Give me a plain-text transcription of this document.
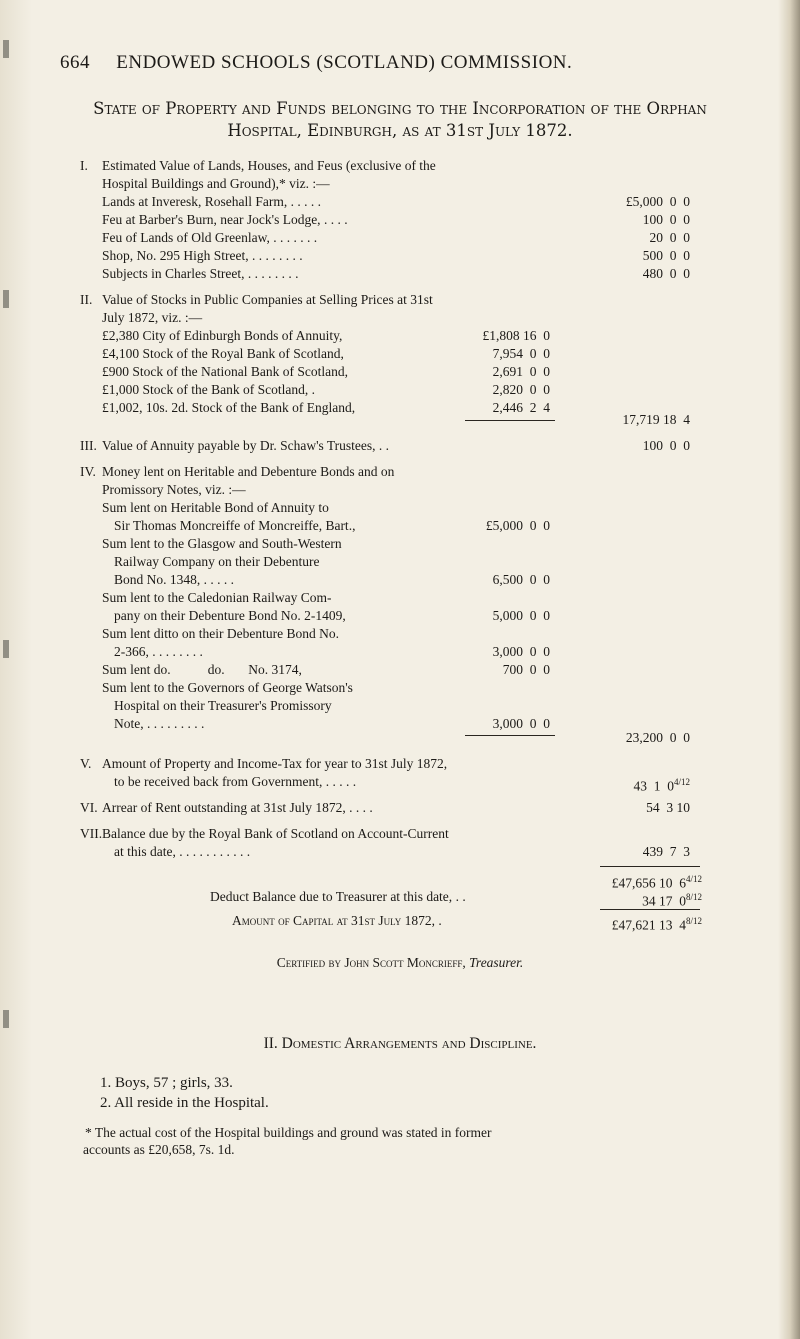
664 ENDOWED SCHOOLS (SCOTLAND) COMMISSION.
State of Property and Funds belonging to the Incorporation of the Orphan
Hospital, Edinburgh, as at 31st July 1872.
I. Estimated Value of Lands, Houses, and Feus (exclusive of the
Hospital Buildings and Ground),* viz. :—
Lands at Inveresk, Rosehall Farm, . . . . .	£5,000  0  0
Feu at Barber's Burn, near Jock's Lodge, . . . .	100  0  0
Feu of Lands of Old Greenlaw, . . . . . . .	20  0  0
Shop, No. 295 High Street, . . . . . . . .	500  0  0
Subjects in Charles Street, . . . . . . . .	480  0  0
II. Value of Stocks in Public Companies at Selling Prices at 31st
July 1872, viz. :—
£2,380 City of Edinburgh Bonds of Annuity,	£1,808 16  0
£4,100 Stock of the Royal Bank of Scotland,	7,954  0  0
£900 Stock of the National Bank of Scotland,	2,691  0  0
£1,000 Stock of the Bank of Scotland, .	2,820  0  0
£1,002, 10s. 2d. Stock of the Bank of England,	2,446  2  4
17,719 18  4
III. Value of Annuity payable by Dr. Schaw's Trustees, . .	100  0  0
IV. Money lent on Heritable and Debenture Bonds and on
Promissory Notes, viz. :—
Sum lent on Heritable Bond of Annuity to
Sir Thomas Moncreiffe of Moncreiffe, Bart.,	£5,000  0  0
Sum lent to the Glasgow and South-Western
Railway Company on their Debenture
Bond No. 1348, . . . . .	6,500  0  0
Sum lent to the Caledonian Railway Com-
pany on their Debenture Bond No. 2-1409,	5,000  0  0
Sum lent ditto on their Debenture Bond No.
2-366, . . . . . . . .	3,000  0  0
Sum lent do.           do.       No. 3174,	700  0  0
Sum lent to the Governors of George Watson's
Hospital on their Treasurer's Promissory
Note, . . . . . . . . .	3,000  0  0
23,200  0  0
V. Amount of Property and Income-Tax for year to 31st July 1872,
to be received back from Government, . . . . .	43  1  $0^{4/12}$
VI. Arrear of Rent outstanding at 31st July 1872, . . . .	54  3 10
VII. Balance due by the Royal Bank of Scotland on Account-Current
at this date, . . . . . . . . . . .	439  7  3
£47,656 10  $6^{4/12}$
Deduct Balance due to Treasurer at this date, . .	34 17  $0^{8/12}$
Amount of Capital at 31st July 1872, .	£47,621 13  $4^{8/12}$
Certified by John Scott Moncrieff, Treasurer.
II. Domestic Arrangements and Discipline.
1. Boys, 57 ; girls, 33.
2. All reside in the Hospital.
* The actual cost of the Hospital buildings and ground was stated in former
accounts as £20,658, 7s. 1d.
